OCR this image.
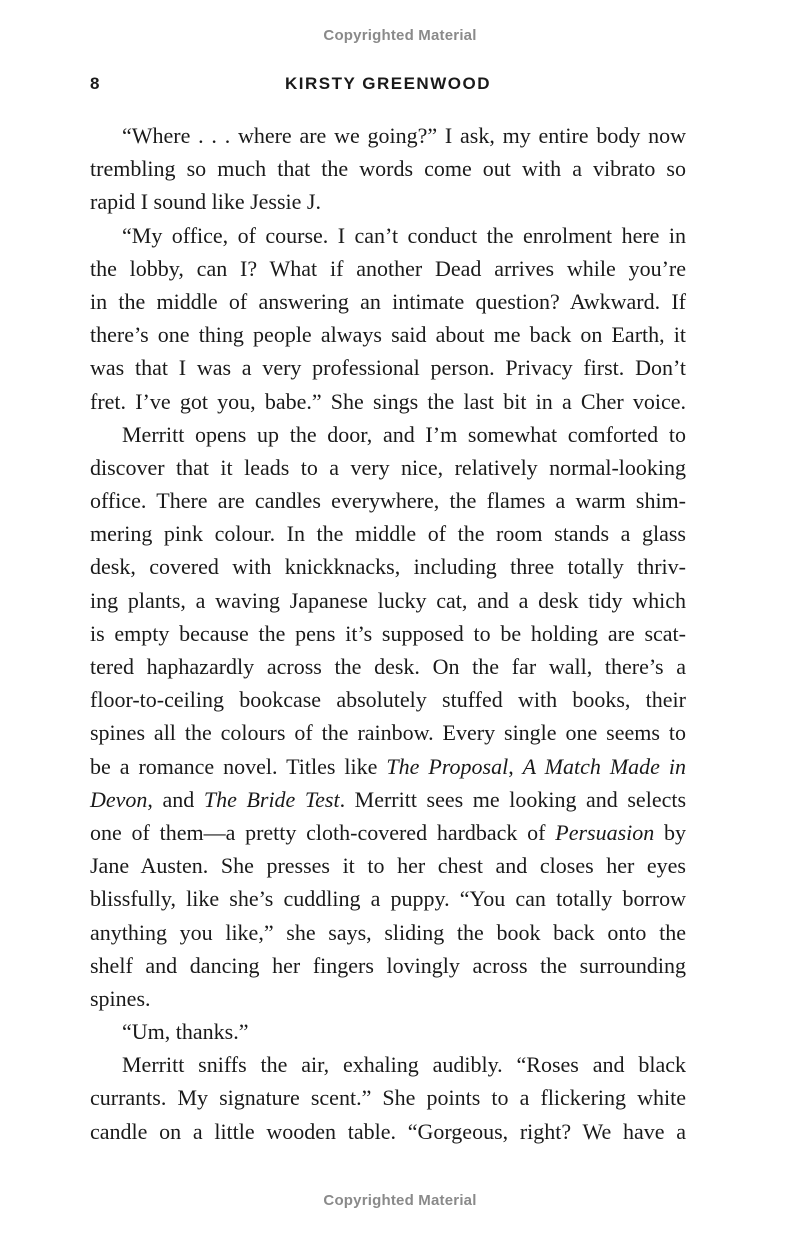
Copyrighted Material
8	KIRSTY GREENWOOD
“Where . . . where are we going?” I ask, my entire body now
trembling so much that the words come out with a vibrato so
rapid I sound like Jessie J.
“My office, of course. I can’t conduct the enrolment here in
the lobby, can I? What if another Dead arrives while you’re
in the middle of answering an intimate question? Awkward. If
there’s one thing people always said about me back on Earth, it
was that I was a very professional person. Privacy first. Don’t
fret. I’ve got you, babe.” She sings the last bit in a Cher voice.
Merritt opens up the door, and I’m somewhat comforted to
discover that it leads to a very nice, relatively normal-looking
office. There are candles everywhere, the flames a warm shim-
mering pink colour. In the middle of the room stands a glass
desk, covered with knickknacks, including three totally thriv-
ing plants, a waving Japanese lucky cat, and a desk tidy which
is empty because the pens it’s supposed to be holding are scat-
tered haphazardly across the desk. On the far wall, there’s a
floor-to-ceiling bookcase absolutely stuffed with books, their
spines all the colours of the rainbow. Every single one seems to
be a romance novel. Titles like The Proposal, A Match Made in
Devon, and The Bride Test. Merritt sees me looking and selects
one of them—a pretty cloth-covered hardback of Persuasion by
Jane Austen. She presses it to her chest and closes her eyes
blissfully, like she’s cuddling a puppy. “You can totally borrow
anything you like,” she says, sliding the book back onto the
shelf and dancing her fingers lovingly across the surrounding
spines.
“Um, thanks.”
Merritt sniffs the air, exhaling audibly. “Roses and black
currants. My signature scent.” She points to a flickering white
candle on a little wooden table. “Gorgeous, right? We have a
Copyrighted Material
